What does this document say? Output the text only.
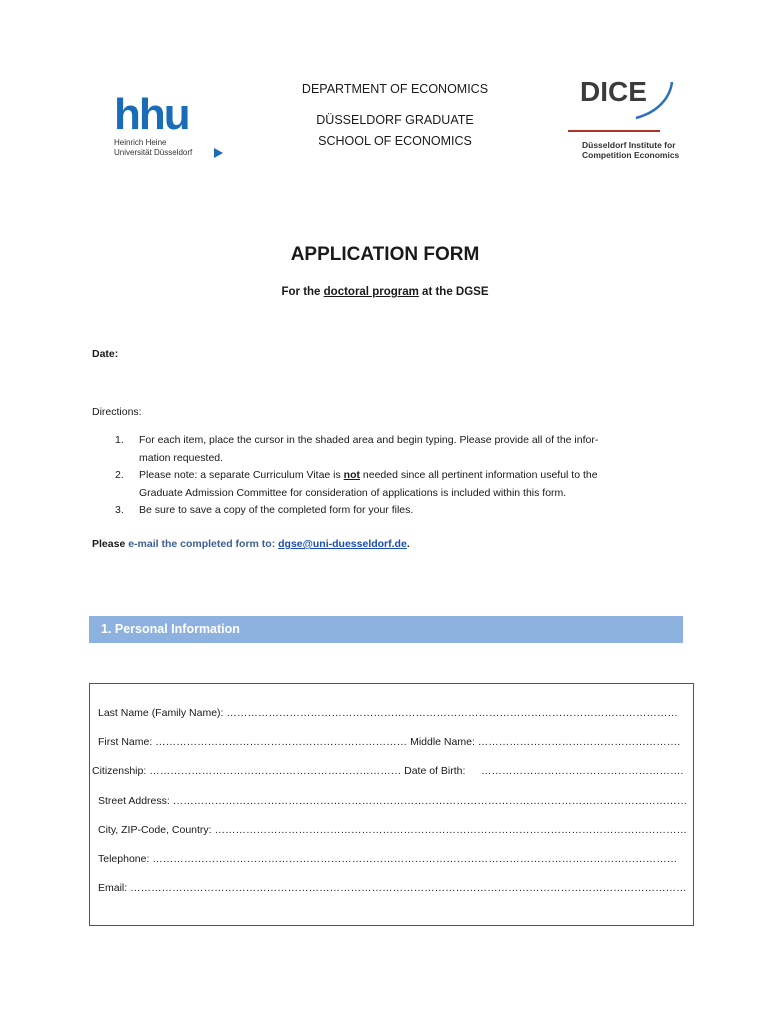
hhu
Heinrich Heine
Universität Düsseldorf
DEPARTMENT OF ECONOMICS
DÜSSELDORF GRADUATE
SCHOOL OF ECONOMICS
DICE
Düsseldorf Institute for
Competition Economics
APPLICATION FORM
For the doctoral program at the DGSE
Date:
Directions:
1. For each item, place the cursor in the shaded area and begin typing. Please provide all of the infor-
mation requested.
2. Please note: a separate Curriculum Vitae is not needed since all pertinent information useful to the
Graduate Admission Committee for consideration of applications is included within this form.
3. Be sure to save a copy of the completed form for your files.
Please e-mail the completed form to: dgse@uni-duesseldorf.de.
1. Personal Information
Last Name (Family Name): …………………………………………………………………………………………………………………
First Name: ……………………………………………………………… Middle Name: ………………………………………………….
Citizenship: ……………………………………………………………… Date of Birth: ………………………………………………….
Street Address: …………………………………………………………………………………………………………………………………
City, ZIP-Code, Country: ………………………………………………………………………………………………………………………
Telephone: ……………………………………………………………………………………………………………………………………
Email: ……………………………………………………………………………………………………………………………………………
